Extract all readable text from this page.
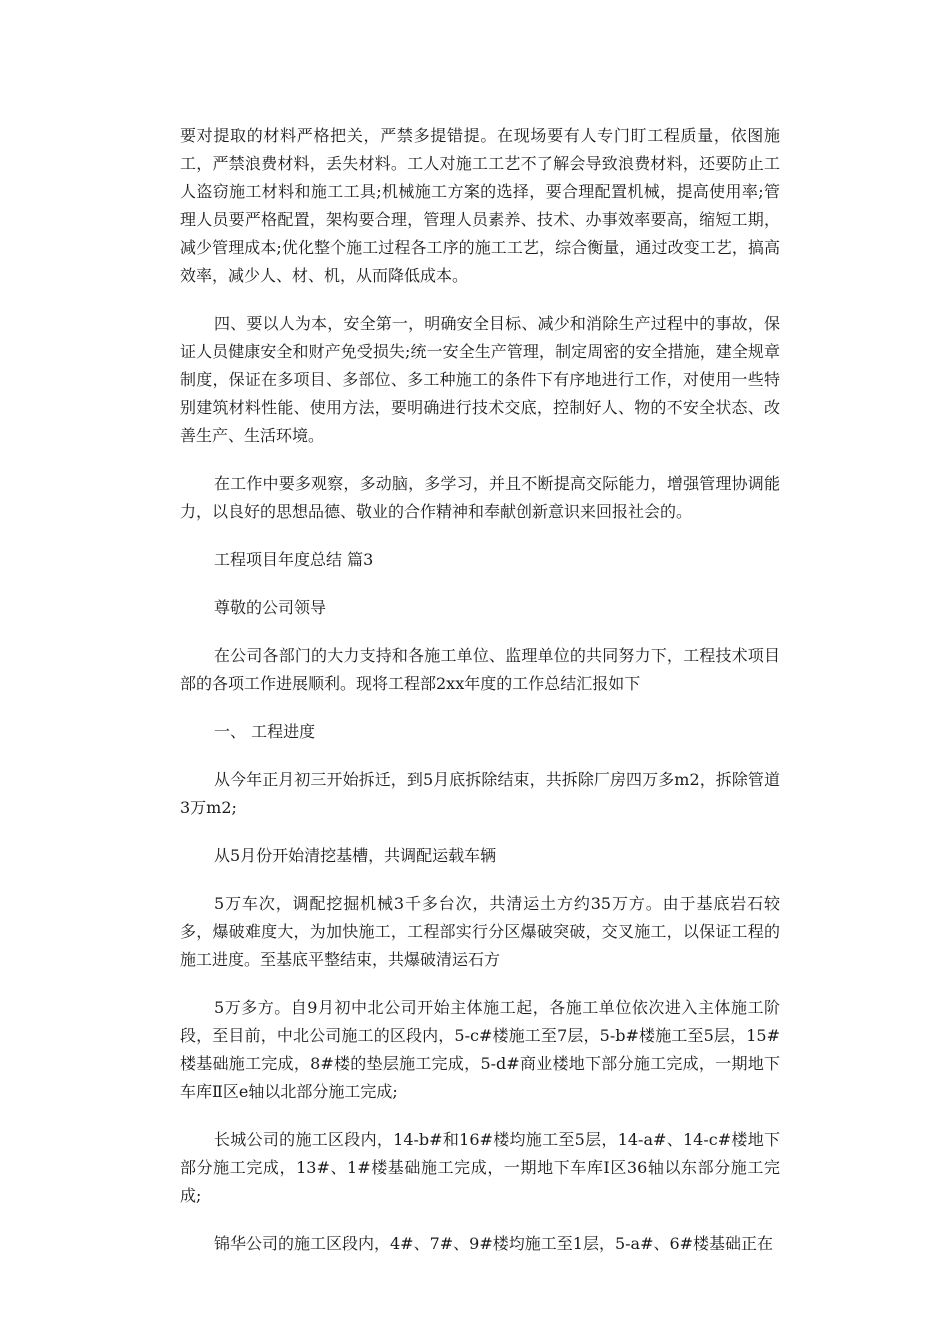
要对提取的材料严格把关，严禁多提错提。在现场要有人专门盯工程质量，依图施工，严禁浪费材料，丢失材料。工人对施工工艺不了解会导致浪费材料，还要防止工人盗窃施工材料和施工工具;机械施工方案的选择，要合理配置机械，提高使用率;管理人员要严格配置，架构要合理，管理人员素养、技术、办事效率要高，缩短工期，减少管理成本;优化整个施工过程各工序的施工工艺，综合衡量，通过改变工艺，搞高效率，减少人、材、机，从而降低成本。

四、要以人为本，安全第一，明确安全目标、减少和消除生产过程中的事故，保证人员健康安全和财产免受损失;统一安全生产管理，制定周密的安全措施，建全规章制度，保证在多项目、多部位、多工种施工的条件下有序地进行工作，对使用一些特别建筑材料性能、使用方法，要明确进行技术交底，控制好人、物的不安全状态、改善生产、生活环境。

在工作中要多观察，多动脑，多学习，并且不断提高交际能力，增强管理协调能力，以良好的思想品德、敬业的合作精神和奉献创新意识来回报社会的。

工程项目年度总结 篇3

尊敬的公司领导

在公司各部门的大力支持和各施工单位、监理单位的共同努力下，工程技术项目部的各项工作进展顺利。现将工程部2xx年度的工作总结汇报如下

一、 工程进度

从今年正月初三开始拆迁，到5月底拆除结束，共拆除厂房四万多m2，拆除管道3万m2;

从5月份开始清挖基槽，共调配运载车辆

5万车次，调配挖掘机械3千多台次，共清运土方约35万方。由于基底岩石较多，爆破难度大，为加快施工，工程部实行分区爆破突破，交叉施工，以保证工程的施工进度。至基底平整结束，共爆破清运石方

5万多方。自9月初中北公司开始主体施工起，各施工单位依次进入主体施工阶段，至目前，中北公司施工的区段内，5-c#楼施工至7层，5-b#楼施工至5层，15#楼基础施工完成，8#楼的垫层施工完成，5-d#商业楼地下部分施工完成，一期地下车库Ⅱ区e轴以北部分施工完成;

长城公司的施工区段内，14-b#和16#楼均施工至5层，14-a#、14-c#楼地下部分施工完成，13#、1#楼基础施工完成，一期地下车库Ⅰ区36轴以东部分施工完成;

锦华公司的施工区段内，4#、7#、9#楼均施工至1层，5-a#、6#楼基础正在
